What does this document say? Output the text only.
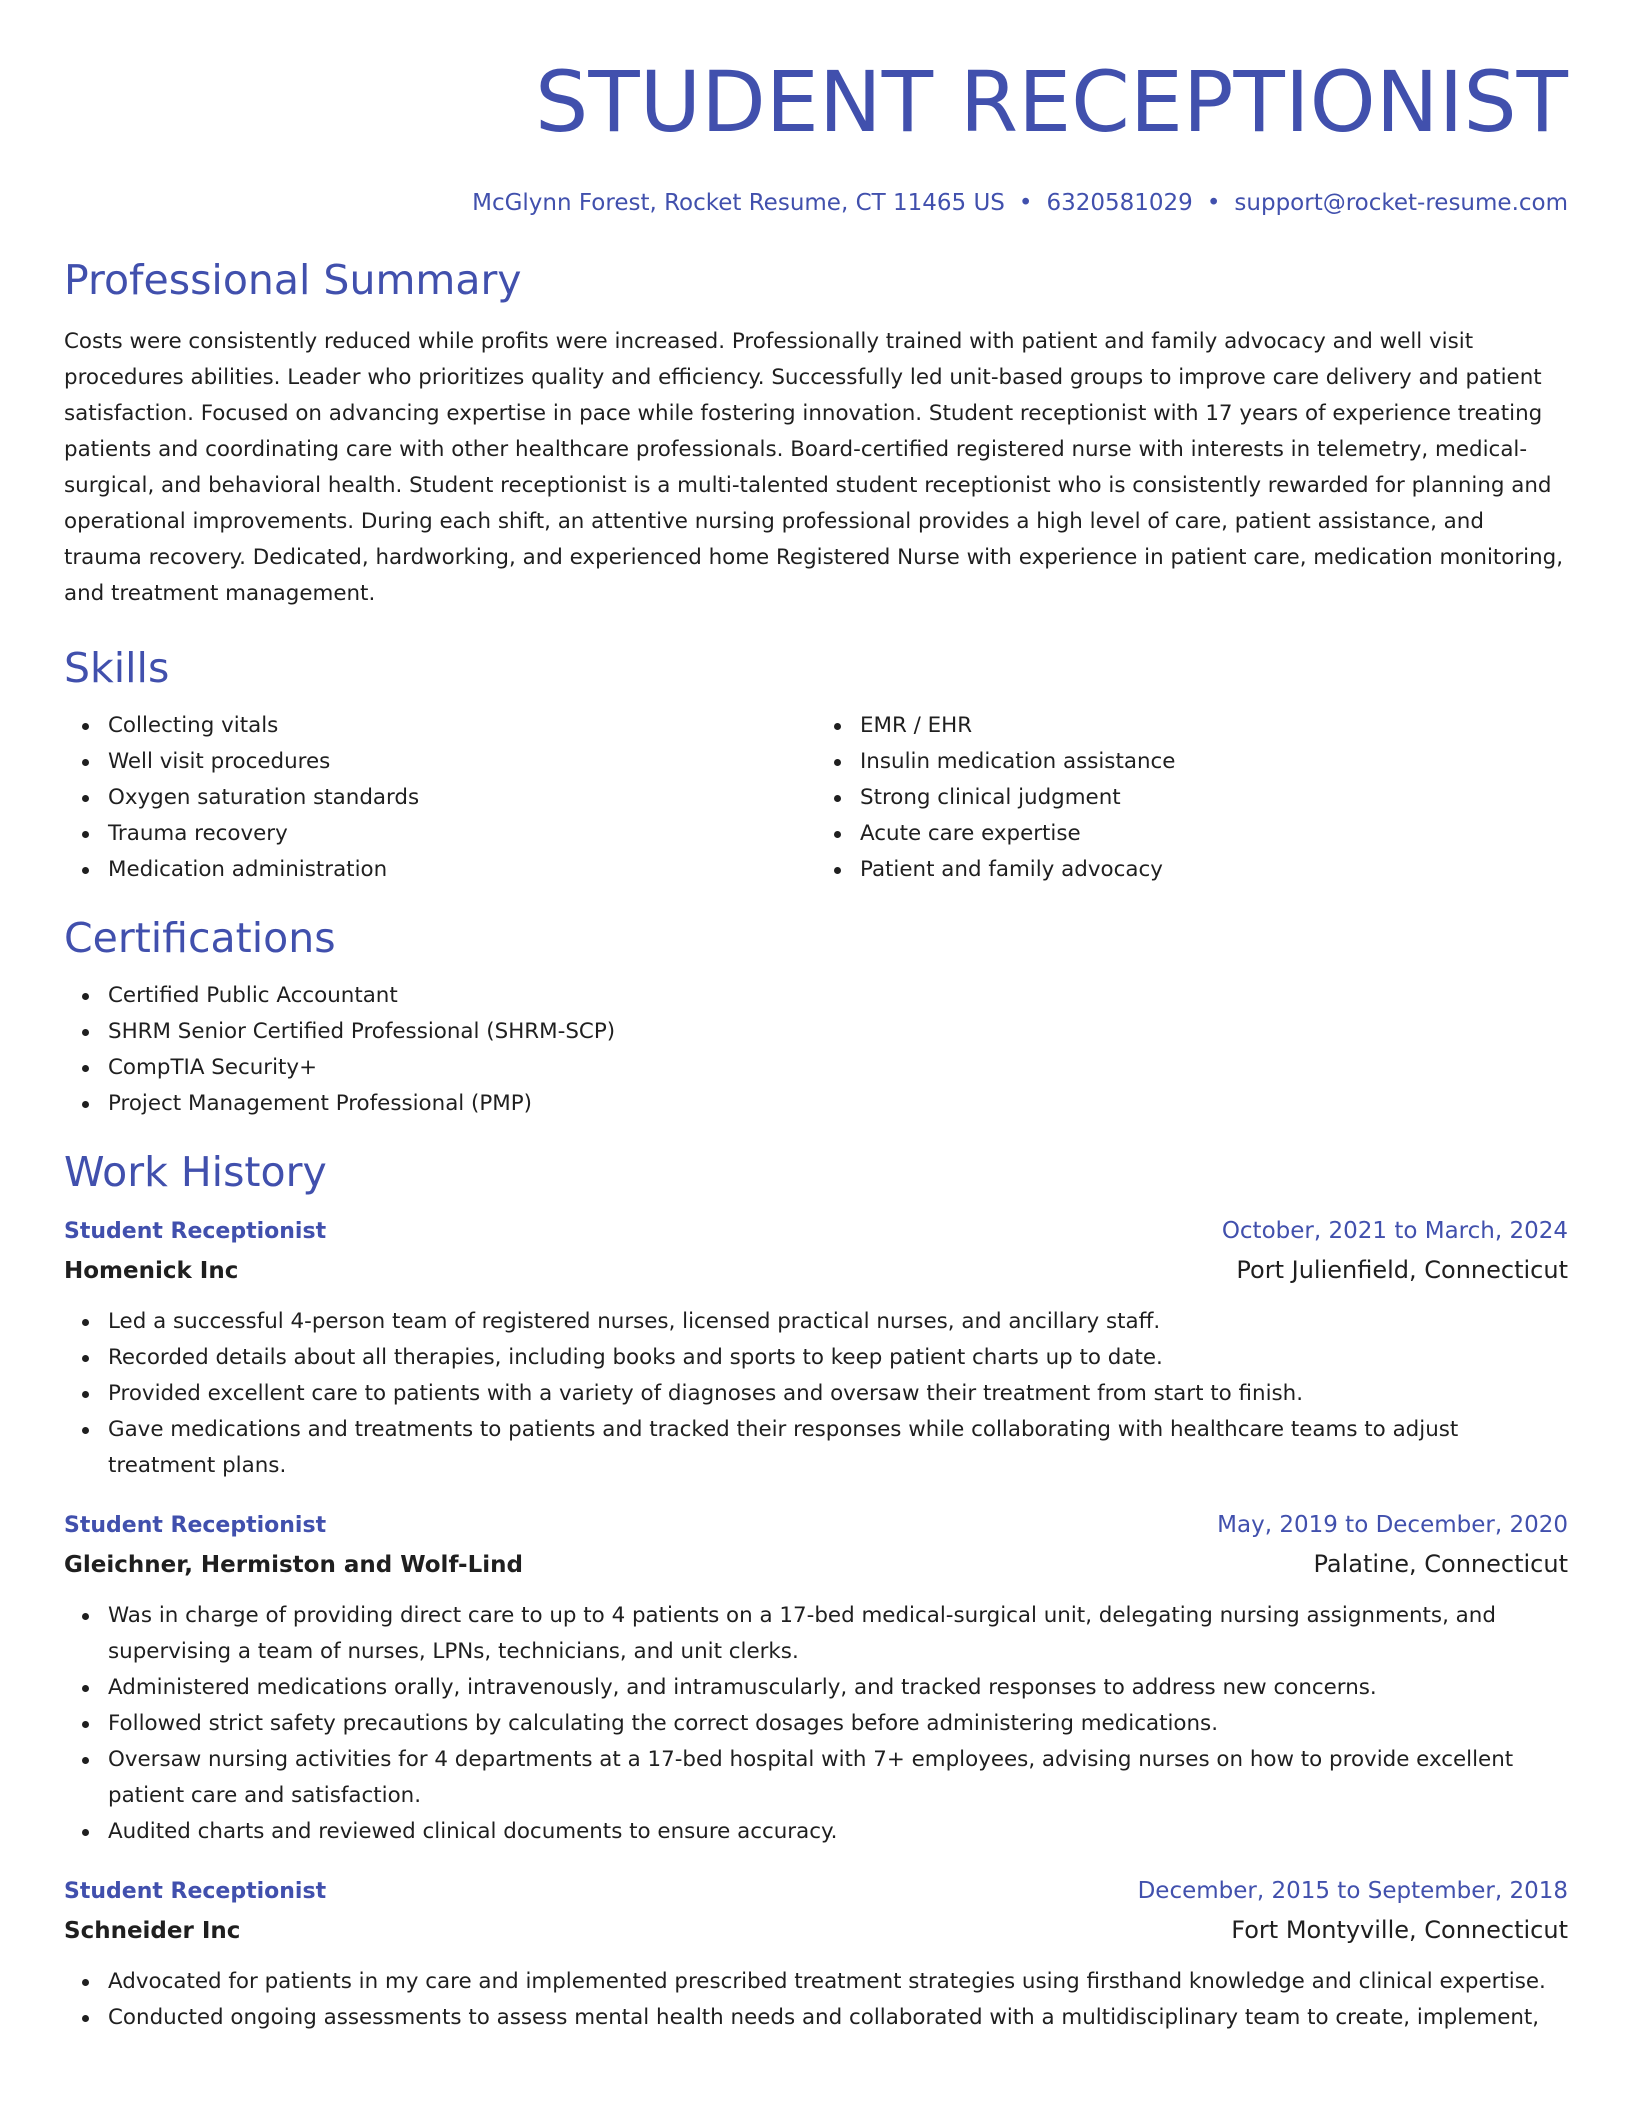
STUDENT RECEPTIONIST
McGlynn Forest, Rocket Resume, CT 11465 US • 6320581029 • support@rocket-resume.com
Professional Summary

Costs were consistently reduced while profits were increased. Professionally trained with patient and family advocacy and well visit procedures abilities. Leader who prioritizes quality and efficiency. Successfully led unit-based groups to improve care delivery and patient satisfaction. Focused on advancing expertise in pace while fostering innovation. Student receptionist with 17 years of experience treating patients and coordinating care with other healthcare professionals. Board-certified registered nurse with interests in telemetry, medical-surgical, and behavioral health. Student receptionist is a multi-talented student receptionist who is consistently rewarded for planning and operational improvements. During each shift, an attentive nursing professional provides a high level of care, patient assistance, and trauma recovery. Dedicated, hardworking, and experienced home Registered Nurse with experience in patient care, medication monitoring, and treatment management.

Skills
Collecting vitals
Well visit procedures
Oxygen saturation standards
Trauma recovery
Medication administration
EMR / EHR
Insulin medication assistance
Strong clinical judgment
Acute care expertise
Patient and family advocacy
Certifications
Certified Public Accountant
SHRM Senior Certified Professional (SHRM-SCP)
CompTIA Security+
Project Management Professional (PMP)
Work History
Student Receptionist	October, 2021 to March, 2024
Homenick Inc	Port Julienfield, Connecticut
Led a successful 4-person team of registered nurses, licensed practical nurses, and ancillary staff.
Recorded details about all therapies, including books and sports to keep patient charts up to date.
Provided excellent care to patients with a variety of diagnoses and oversaw their treatment from start to finish.
Gave medications and treatments to patients and tracked their responses while collaborating with healthcare teams to adjust treatment plans.
Student Receptionist	May, 2019 to December, 2020
Gleichner, Hermiston and Wolf-Lind	Palatine, Connecticut
Was in charge of providing direct care to up to 4 patients on a 17-bed medical-surgical unit, delegating nursing assignments, and supervising a team of nurses, LPNs, technicians, and unit clerks.
Administered medications orally, intravenously, and intramuscularly, and tracked responses to address new concerns.
Followed strict safety precautions by calculating the correct dosages before administering medications.
Oversaw nursing activities for 4 departments at a 17-bed hospital with 7+ employees, advising nurses on how to provide excellent patient care and satisfaction.
Audited charts and reviewed clinical documents to ensure accuracy.
Student Receptionist	December, 2015 to September, 2018
Schneider Inc	Fort Montyville, Connecticut
Advocated for patients in my care and implemented prescribed treatment strategies using firsthand knowledge and clinical expertise.
Conducted ongoing assessments to assess mental health needs and collaborated with a multidisciplinary team to create, implement,
